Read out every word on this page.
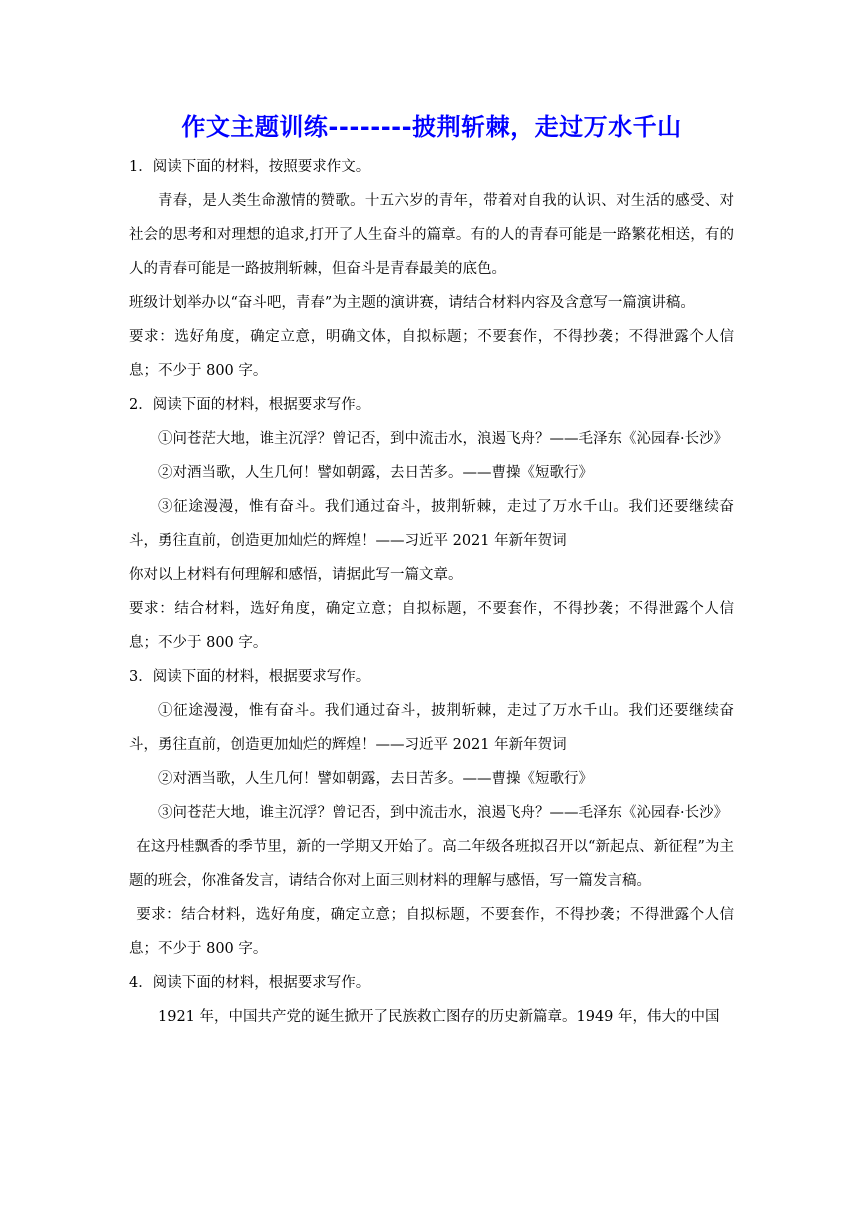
作文主题训练--------披荆斩棘，走过万水千山

1．阅读下面的材料，按照要求作文。

青春，是人类生命激情的赞歌。十五六岁的青年，带着对自我的认识、对生活的感受、对社会的思考和对理想的追求,打开了人生奋斗的篇章。有的人的青春可能是一路繁花相送，有的人的青春可能是一路披荆斩棘，但奋斗是青春最美的底色。

班级计划举办以“奋斗吧，青春”为主题的演讲赛，请结合材料内容及含意写一篇演讲稿。

要求：选好角度，确定立意，明确文体，自拟标题；不要套作，不得抄袭；不得泄露个人信息；不少于 800 字。

2．阅读下面的材料，根据要求写作。

①问苍茫大地，谁主沉浮？曾记否，到中流击水，浪遏飞舟？——毛泽东《沁园春·长沙》

②对酒当歌，人生几何！譬如朝露，去日苦多。——曹操《短歌行》

③征途漫漫，惟有奋斗。我们通过奋斗，披荆斩棘，走过了万水千山。我们还要继续奋斗，勇往直前，创造更加灿烂的辉煌！——习近平 2021 年新年贺词

你对以上材料有何理解和感悟，请据此写一篇文章。

要求：结合材料，选好角度，确定立意；自拟标题，不要套作，不得抄袭；不得泄露个人信息；不少于 800 字。

3．阅读下面的材料，根据要求写作。

①征途漫漫，惟有奋斗。我们通过奋斗，披荆斩棘，走过了万水千山。我们还要继续奋斗，勇往直前，创造更加灿烂的辉煌！——习近平 2021 年新年贺词

②对酒当歌，人生几何！譬如朝露，去日苦多。——曹操《短歌行》

③问苍茫大地，谁主沉浮？曾记否，到中流击水，浪遏飞舟？——毛泽东《沁园春·长沙》

在这丹桂飘香的季节里，新的一学期又开始了。高二年级各班拟召开以“新起点、新征程”为主题的班会，你准备发言，请结合你对上面三则材料的理解与感悟，写一篇发言稿。

要求：结合材料，选好角度，确定立意；自拟标题，不要套作，不得抄袭；不得泄露个人信息；不少于 800 字。

4．阅读下面的材料，根据要求写作。

1921 年，中国共产党的诞生掀开了民族救亡图存的历史新篇章。1949 年，伟大的中国
